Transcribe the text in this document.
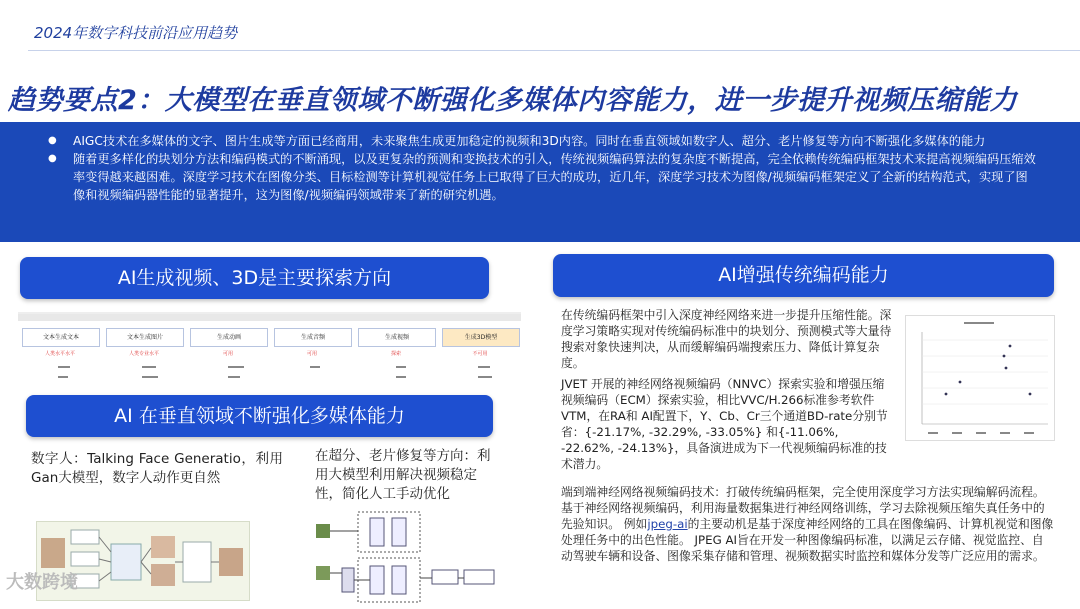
2024年数字科技前沿应用趋势
趋势要点2：大模型在垂直领域不断强化多媒体内容能力，进一步提升视频压缩能力
● AIGC技术在多媒体的文字、图片生成等方面已经商用，未来聚焦生成更加稳定的视频和3D内容。同时在垂直领域如数字人、超分、老片修复等方向不断强化多媒体的能力
● 随着更多样化的块划分方法和编码模式的不断涌现，以及更复杂的预测和变换技术的引入，传统视频编码算法的复杂度不断提高，完全依赖传统编码框架技术来提高视频编码压缩效率变得越来越困难。深度学习技术在图像分类、目标检测等计算机视觉任务上已取得了巨大的成功，近几年，深度学习技术为图像/视频编码框架定义了全新的结构范式，实现了图像和视频编码器性能的显著提升，这为图像/视频编码领域带来了新的研究机遇。
AI生成视频、3D是主要探索方向
文本生成文本	文本生成图片	生成动画	生成音频	生成视频	生成3D模型
人类水平水平	人类专业水平	可用	可用	探索	不可用
AI 在垂直领域不断强化多媒体能力
数字人：Talking Face Generatio，利用Gan大模型，数字人动作更自然
在超分、老片修复等方向：利用大模型利用解决视频稳定性，简化人工手动优化
大数跨境
AI增强传统编码能力
在传统编码框架中引入深度神经网络来进一步提升压缩性能。深度学习策略实现对传统编码标准中的块划分、预测模式等大量待搜索对象快速判决，从而缓解编码端搜索压力、降低计算复杂度。
JVET 开展的神经网络视频编码（NNVC）探索实验和增强压缩视频编码（ECM）探索实验，相比VVC/H.266标准参考软件VTM，在RA和 AI配置下，Y、Cb、Cr三个通道BD-rate分别节省：{-21.17%, -32.29%, -33.05%} 和{-11.06%, -22.62%, -24.13%}，具备演进成为下一代视频编码标准的技术潜力。
端到端神经网络视频编码技术：打破传统编码框架，完全使用深度学习方法实现编解码流程。基于神经网络视频编码，利用海量数据集进行神经网络训练，学习去除视频压缩失真任务中的先验知识。 例如jpeg-ai的主要动机是基于深度神经网络的工具在图像编码、计算机视觉和图像处理任务中的出色性能。 JPEG AI旨在开发一种图像编码标准，以满足云存储、视觉监控、自动驾驶车辆和设备、图像采集存储和管理、视频数据实时监控和媒体分发等广泛应用的需求。
